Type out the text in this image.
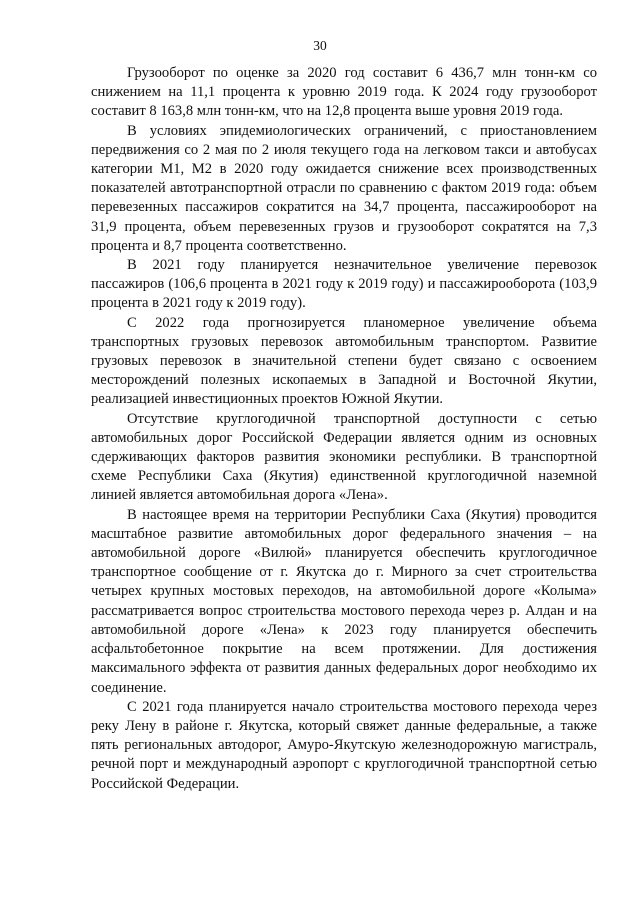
30

Грузооборот по оценке за 2020 год составит 6 436,7 млн тонн-км со снижением на 11,1 процента к уровню 2019 года. К 2024 году грузооборот составит 8 163,8 млн тонн-км, что на 12,8 процента выше уровня 2019 года.

В условиях эпидемиологических ограничений, с приостановлением передвижения со 2 мая по 2 июля текущего года на легковом такси и автобусах категории М1, М2 в 2020 году ожидается снижение всех производственных показателей автотранспортной отрасли по сравнению с фактом 2019 года: объем перевезенных пассажиров сократится на 34,7 процента, пассажирооборот на 31,9 процента, объем перевезенных грузов и грузооборот сократятся на 7,3 процента и 8,7 процента соответственно.

В 2021 году планируется незначительное увеличение перевозок пассажиров (106,6 процента в 2021 году к 2019 году) и пассажирооборота (103,9 процента в 2021 году к 2019 году).

С 2022 года прогнозируется планомерное увеличение объема транспортных грузовых перевозок автомобильным транспортом. Развитие грузовых перевозок в значительной степени будет связано с освоением месторождений полезных ископаемых в Западной и Восточной Якутии, реализацией инвестиционных проектов Южной Якутии.

Отсутствие круглогодичной транспортной доступности с сетью автомобильных дорог Российской Федерации является одним из основных сдерживающих факторов развития экономики республики. В транспортной схеме Республики Саха (Якутия) единственной круглогодичной наземной линией является автомобильная дорога «Лена».

В настоящее время на территории Республики Саха (Якутия) проводится масштабное развитие автомобильных дорог федерального значения – на автомобильной дороге «Вилюй» планируется обеспечить круглогодичное транспортное сообщение от г. Якутска до г. Мирного за счет строительства четырех крупных мостовых переходов, на автомобильной дороге «Колыма» рассматривается вопрос строительства мостового перехода через р. Алдан и на автомобильной дороге «Лена» к 2023 году планируется обеспечить асфальтобетонное покрытие на всем протяжении. Для достижения максимального эффекта от развития данных федеральных дорог необходимо их соединение.

С 2021 года планируется начало строительства мостового перехода через реку Лену в районе г. Якутска, который свяжет данные федеральные, а также пять региональных автодорог, Амуро-Якутскую железнодорожную магистраль, речной порт и международный аэропорт с круглогодичной транспортной сетью Российской Федерации.
